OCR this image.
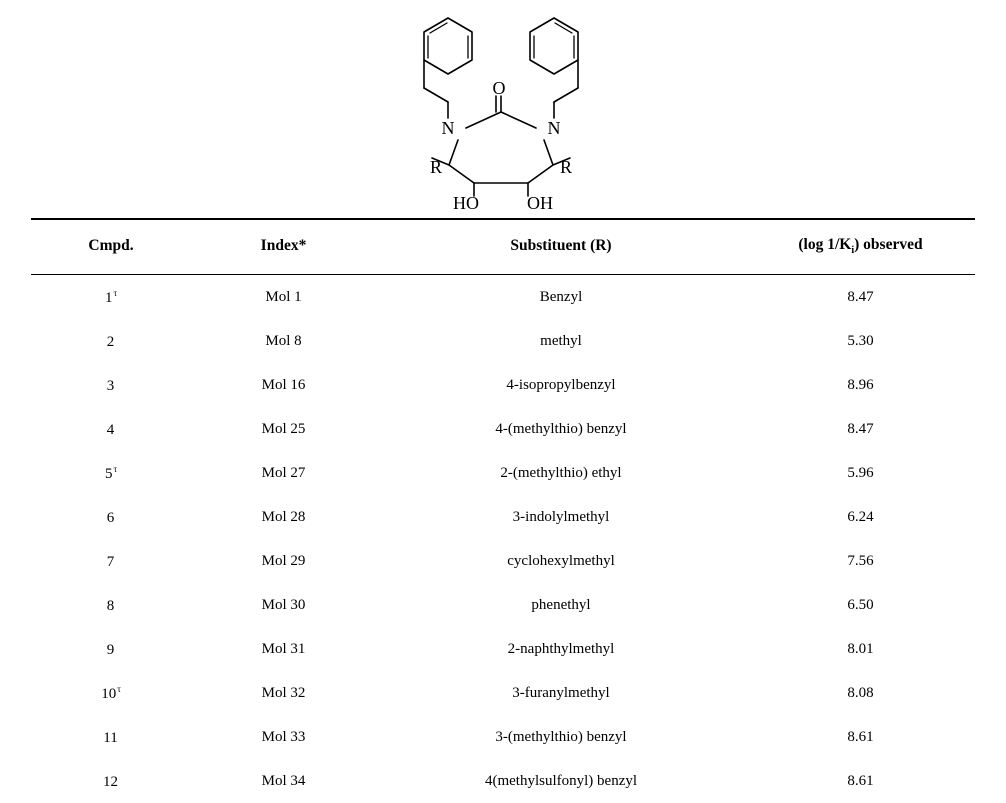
N	N
O
R	R
HO	OH
Cmpd.	Index*	Substituent (R)	(log $1/K_i$) observed
$1^\tau$	Mol 1	Benzyl	8.47
2	Mol 8	methyl	5.30
3	Mol 16	4-isopropylbenzyl	8.96
4	Mol 25	4-(methylthio) benzyl	8.47
$5^\tau$	Mol 27	2-(methylthio) ethyl	5.96
6	Mol 28	3-indolylmethyl	6.24
7	Mol 29	cyclohexylmethyl	7.56
8	Mol 30	phenethyl	6.50
9	Mol 31	2-naphthylmethyl	8.01
$10^\tau$	Mol 32	3-furanylmethyl	8.08
11	Mol 33	3-(methylthio) benzyl	8.61
12	Mol 34	4(methylsulfonyl) benzyl	8.61
